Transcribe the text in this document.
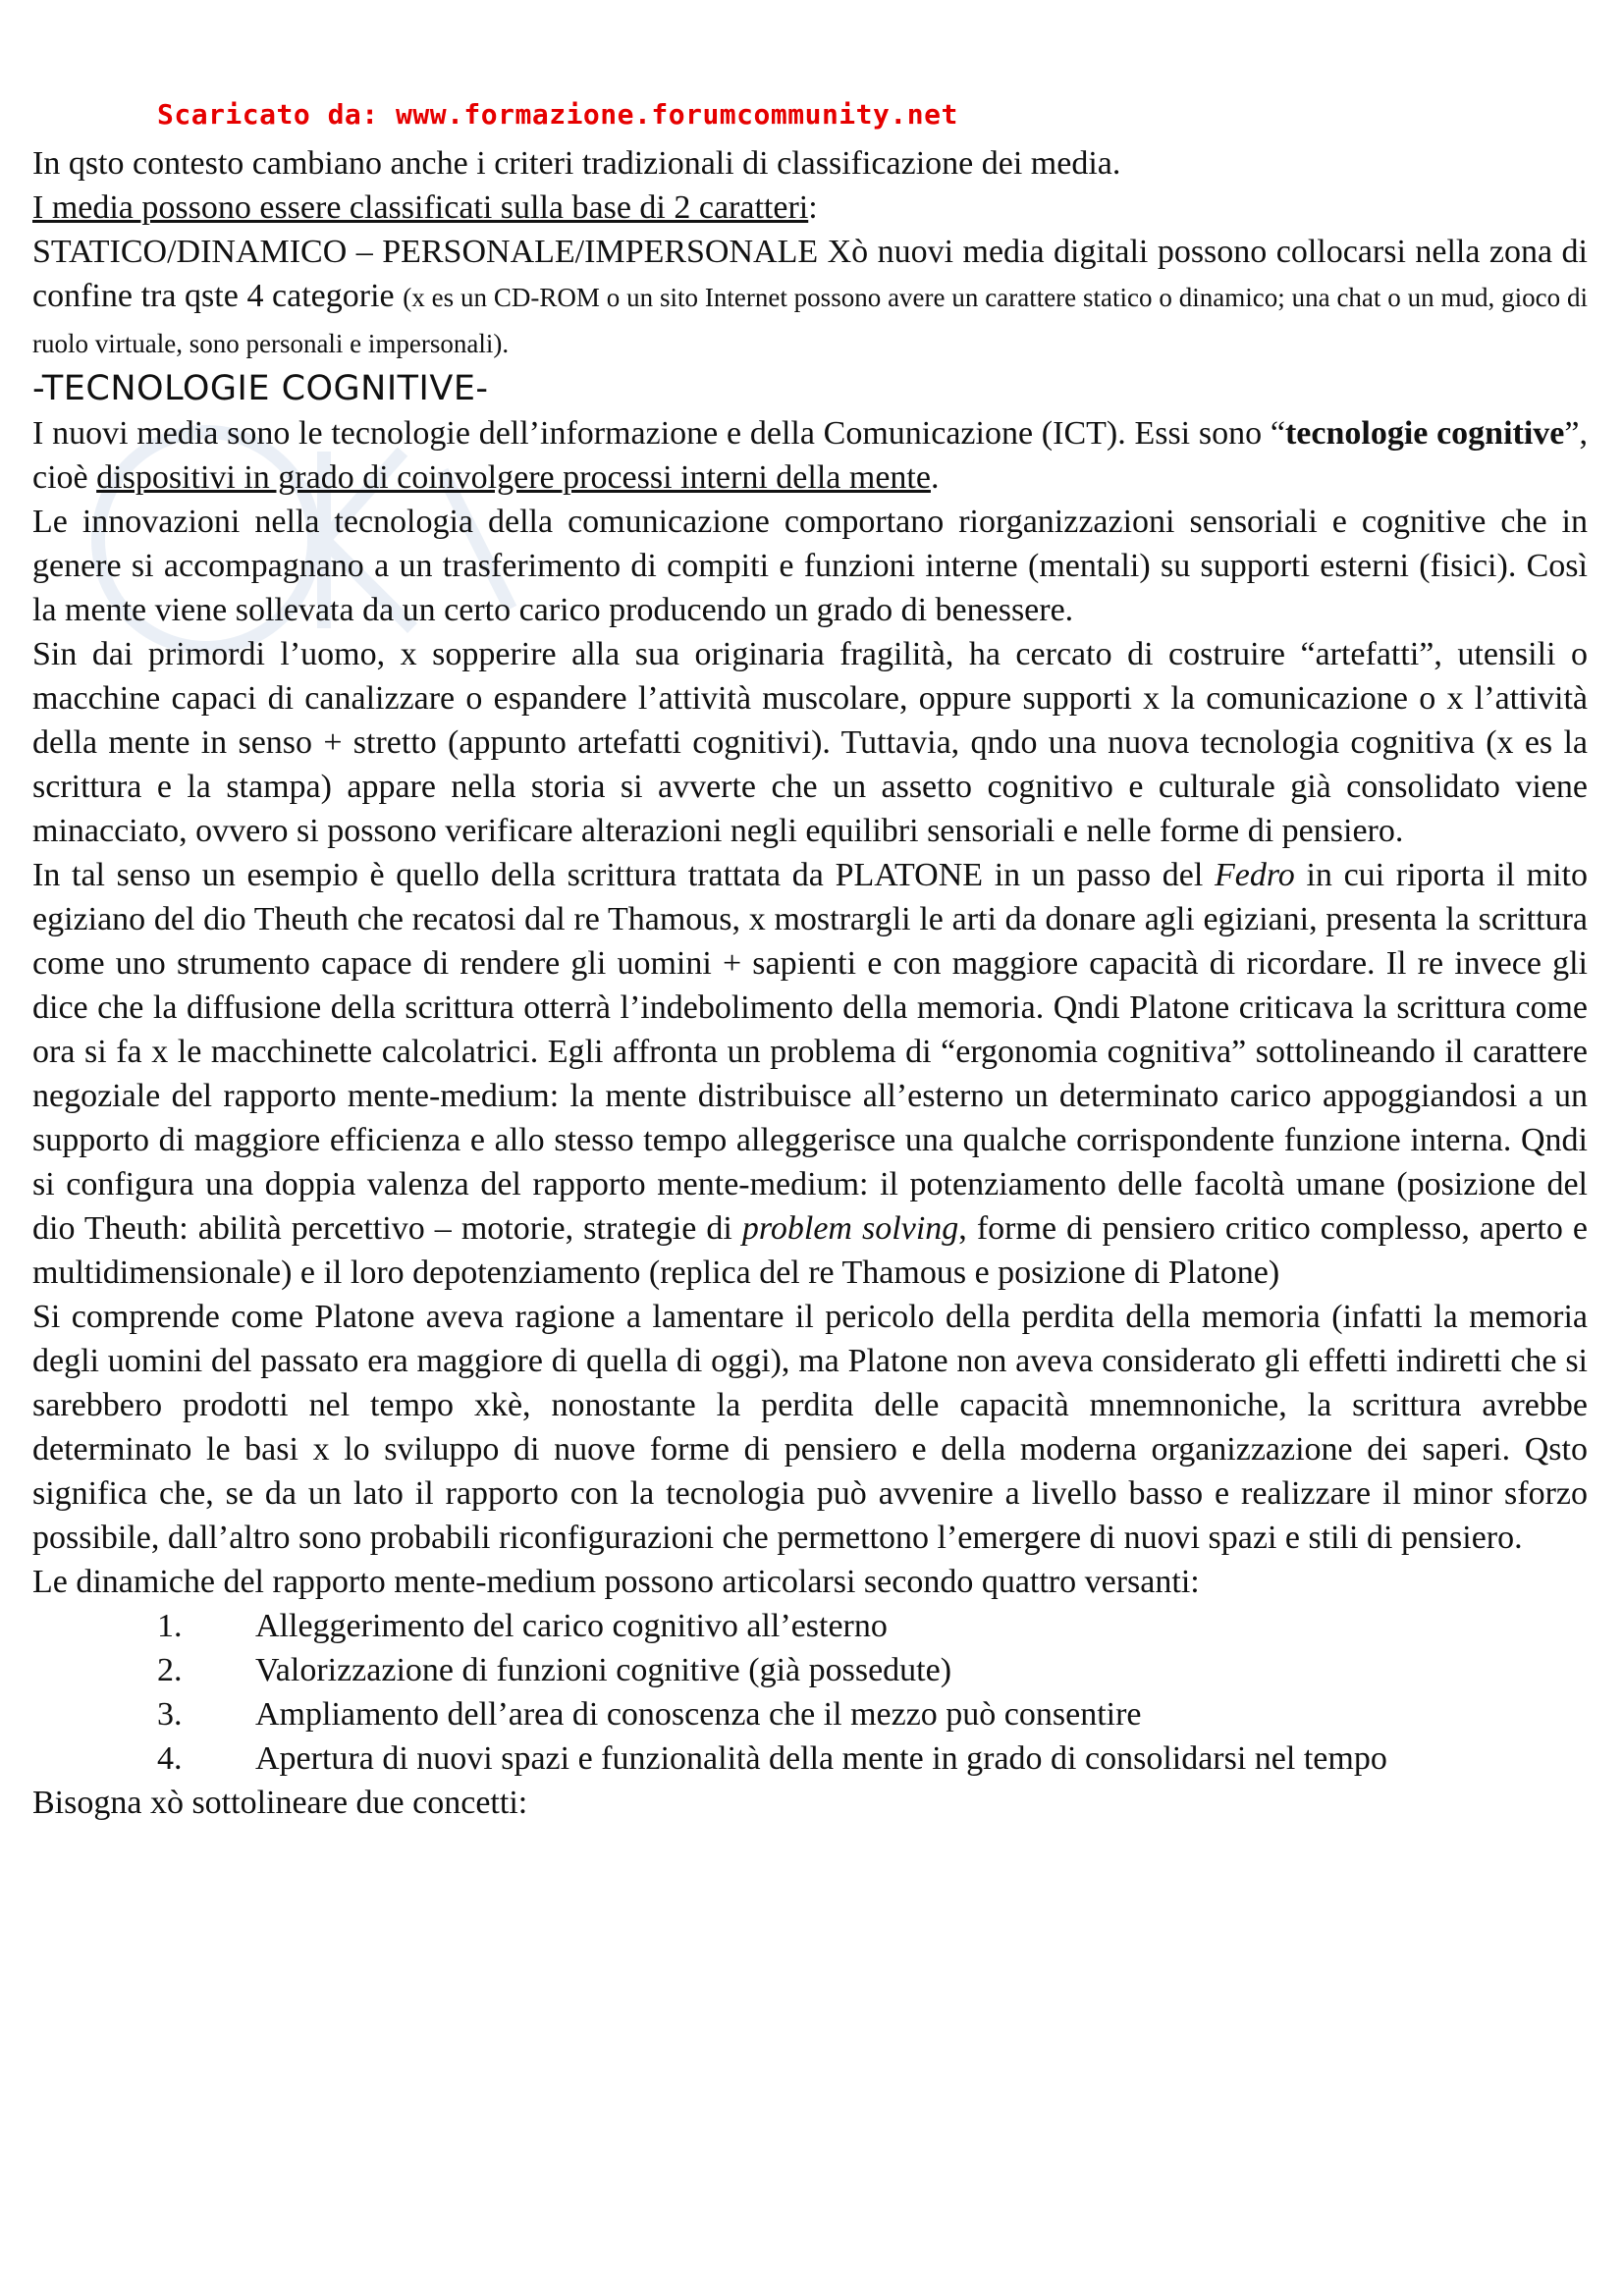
Scaricato da: www.formazione.forumcommunity.net

In qsto contesto cambiano anche i criteri tradizionali di classificazione dei media.

I media possono essere classificati sulla base di 2 caratteri:

STATICO/DINAMICO – PERSONALE/IMPERSONALE Xò nuovi media digitali possono collocarsi nella zona di confine tra qste 4 categorie (x es un CD-ROM o un sito Internet possono avere un carattere statico o dinamico; una chat o un mud, gioco di ruolo virtuale, sono personali e impersonali).

-TECNOLOGIE COGNITIVE-

I nuovi media sono le tecnologie dell’informazione e della Comunicazione (ICT). Essi sono “tecnologie cognitive”, cioè dispositivi in grado di coinvolgere processi interni della mente.

Le innovazioni nella tecnologia della comunicazione comportano riorganizzazioni sensoriali e cognitive che in genere si accompagnano a un trasferimento di compiti e funzioni interne (mentali) su supporti esterni (fisici). Così la mente viene sollevata da un certo carico producendo un grado di benessere.

Sin dai primordi l’uomo, x sopperire alla sua originaria fragilità, ha cercato di costruire “artefatti”, utensili o macchine capaci di canalizzare o espandere l’attività muscolare, oppure supporti x la comunicazione o x l’attività della mente in senso + stretto (appunto artefatti cognitivi). Tuttavia, qndo una nuova tecnologia cognitiva (x es la scrittura e la stampa) appare nella storia si avverte che un assetto cognitivo e culturale già consolidato viene minacciato, ovvero si possono verificare alterazioni negli equilibri sensoriali e nelle forme di pensiero.

In tal senso un esempio è quello della scrittura trattata da PLATONE in un passo del Fedro in cui riporta il mito egiziano del dio Theuth che recatosi dal re Thamous, x mostrargli le arti da donare agli egiziani, presenta la scrittura come uno strumento capace di rendere gli uomini + sapienti e con maggiore capacità di ricordare. Il re invece gli dice che la diffusione della scrittura otterrà l’indebolimento della memoria. Qndi Platone criticava la scrittura come ora si fa x le macchinette calcolatrici. Egli affronta un problema di “ergonomia cognitiva” sottolineando il carattere negoziale del rapporto mente-medium: la mente distribuisce all’esterno un determinato carico appoggiandosi a un supporto di maggiore efficienza e allo stesso tempo alleggerisce una qualche corrispondente funzione interna. Qndi si configura una doppia valenza del rapporto mente-medium: il potenziamento delle facoltà umane (posizione del dio Theuth: abilità percettivo – motorie, strategie di problem solving, forme di pensiero critico complesso, aperto e multidimensionale) e il loro depotenziamento (replica del re Thamous e posizione di Platone)

Si comprende come Platone aveva ragione a lamentare il pericolo della perdita della memoria (infatti la memoria degli uomini del passato era maggiore di quella di oggi), ma Platone non aveva considerato gli effetti indiretti che si sarebbero prodotti nel tempo xkè, nonostante la perdita delle capacità mnemnoniche, la scrittura avrebbe determinato le basi x lo sviluppo di nuove forme di pensiero e della moderna organizzazione dei saperi. Qsto significa che, se da un lato il rapporto con la tecnologia può avvenire a livello basso e realizzare il minor sforzo possibile, dall’altro sono probabili riconfigurazioni che permettono l’emergere di nuovi spazi e stili di pensiero.

Le dinamiche del rapporto mente-medium possono articolarsi secondo quattro versanti:

1.	Alleggerimento del carico cognitivo all’esterno
2.	Valorizzazione di funzioni cognitive (già possedute)
3.	Ampliamento dell’area di conoscenza che il mezzo può consentire
4.	Apertura di nuovi spazi e funzionalità della mente in grado di consolidarsi nel tempo

Bisogna xò sottolineare due concetti:
